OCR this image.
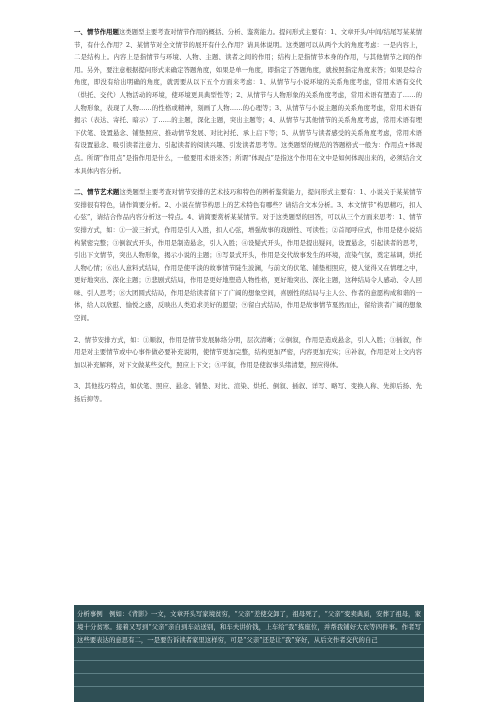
一、情节作用题这类题型主要考查对情节作用的概括、分析、鉴赏能力。提问形式主要有：1、文章开头/中间/结尾写某某情节，有什么作用？2、某情节对全文情节的展开有什么作用？请具体说明。这类题可以从两个大的角度考虑：一是内容上，二是结构上。内容上是指情节与环境、人物、主题、读者之间的作用；结构上是指情节本身的作用，与其他情节之间的作用。另外，要注意根据提问形式来确定答题角度，如果是单一角度，即指定了答题角度，就按照指定角度来答；如果是综合角度，即没有给出明确的角度，就需要从以下五个方面来考虑：1、从情节与小说环境的关系角度考虑，常用术语有交代（烘托、交代）人物活动的环境，使环境更具典型性等；2、从情节与人物形象的关系角度考虑，常用术语有塑造了……的人物形象，表现了人物……的性格或精神，刻画了人物……的心理等；3、从情节与小说主题的关系角度考虑，常用术语有揭示（表达、寄托、暗示）了……的主题，深化主题，突出主题等；4、从情节与其他情节的关系角度考虑，常用术语有埋下伏笔、设置悬念、铺垫照应、推动情节发展、对比衬托、承上启下等；5、从情节与读者感受的关系角度考虑，常用术语有设置悬念、吸引读者注意力、引起读者的阅读兴趣、引发读者思考等。这类题型的规范的答题格式一般为：作用点+体现点。所谓“作用点”是指作用是什么，一般要用术语来答；所谓“体现点”是指这个作用在文中是如何体现出来的，必须结合文本具体内容分析。

二、情节艺术题这类题型主要考查对情节安排的艺术技巧和特色的辨析鉴赏能力，提问形式主要有：1、小说关于某某情节安排很有特色，请作简要分析。2、小说在情节构思上的艺术特色有哪些？请结合文本分析。3、本文情节“构思精巧，扣人心弦”，请结合作品内容分析这一特点。4、请简要赏析某某情节。对于这类题型的回答，可以从三个方面来思考：1、情节安排方式，如：①一波三折式，作用是引人入胜，扣人心弦，增强故事的戏剧性、可读性；②首尾呼应式，作用是使小说结构紧密完整；③倒叙式开头，作用是制造悬念，引人入胜；④设疑式开头，作用是提出疑问，设置悬念，引起读者的思考，引出下文情节，突出人物形象，揭示小说的主题；⑤写景式开头，作用是交代故事发生的环境，渲染气氛，奠定基调，烘托人物心情；⑥出人意料式结局，作用是使平淡的故事情节陡生波澜，与前文的伏笔、铺垫相照应，使人觉得又在情理之中，更好地突出、深化主题；⑦悲剧式结局，作用是更好地塑造人物性格，更好地突出、深化主题，这种结局令人感动、令人回味、引人思考；⑧大团圆式结局，作用是给读者留下了广阔的想象空间，喜剧性的结局与主人公、作者的意愿构成和谐的一体，给人以欣慰、愉悦之感，反映出人类追求美好的愿望；⑨留白式结局，作用是故事情节戛然而止，留给读者广阔的想象空间。

2、情节安排方式，如：①顺叙，作用是情节发展脉络分明，层次清晰；②倒叙，作用是造成悬念，引人入胜；③插叙，作用是对主要情节或中心事件做必要补充说明，使情节更加完整，结构更加严密，内容更加充实；④补叙，作用是对上文内容加以补充解释，对下文做某些交代，照应上下文；⑤平叙，作用是使叙事头绪清楚，照应得体。

3、其他技巧特点，如伏笔、照应、悬念、铺垫、对比、渲染、烘托、倒叙、插叙、详写、略写、变换人称、先抑后扬、先扬后抑等。

分析事例　例如：《背影》一文，文章开头写家境贫穷，“父亲”差使交卸了，祖母死了，“父亲”变卖典质，安葬了祖母，家境十分贫寒。接着又写到“父亲”亲自到车站送别，和车夫讲价钱，上车给“我”拣座位，并帮我铺好大衣等四件事。作者写这些要表达的意思有二，一是要告诉读者家里这样穷，可是“父亲”还是让“我”穿好，从后文作者交代的自己
